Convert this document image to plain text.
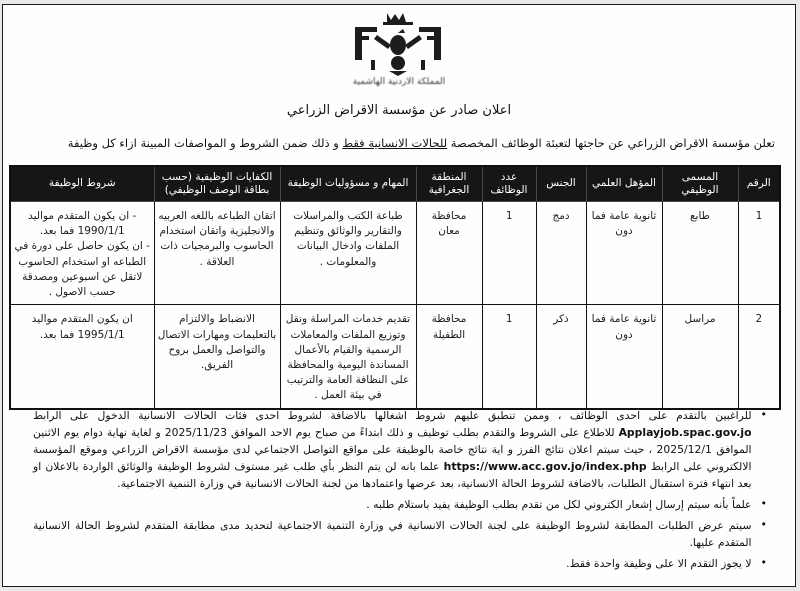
المملكة الاردنية الهاشمية
اعلان صادر عن مؤسسة الاقراض الزراعي
تعلن مؤسسة الاقراض الزراعي عن حاجتها لتعبئة الوظائف المخصصة للحالات الانسانية فقط و ذلك ضمن الشروط و المواصفات المبينة ازاء كل وظيفة
الرقم	المسمى الوظيفي	المؤهل العلمي	الجنس	عدد الوظائف	المنطقة الجغرافية	المهام و مسؤوليات الوظيفة	الكفايات الوظيفية (حسب بطاقة الوصف الوظيفي)	شروط الوظيفة
1	طابع	ثانوية عامة فما دون	دمج	1	محافظة معان	طباعة الكتب والمراسلات والتقارير والوثائق وتنظيم الملفات وادخال البيانات والمعلومات .	اتقان الطباعه باللغه العربيه والانجليزية واتقان استخدام الحاسوب والبرمجيات ذات العلاقة .	- ان يكون المتقدم مواليد 1990/1/1 فما بعد.
- ان يكون حاصل على دورة في الطباعه او استخدام الحاسوب لاتقل عن اسبوعين ومصدقة حسب الاصول .

2	مراسل	ثانوية عامة فما دون	ذكر	1	محافظة الطفيلة	تقديم خدمات المراسلة ونقل وتوزيع الملفات والمعاملات الرسمية والقيام بالأعمال المساندة اليومية والمحافظة على النظافة العامة والترتيب في بيئة العمل .	الانضباط والالتزام بالتعليمات ومهارات الاتصال والتواصل والعمل بروح الفريق.	ان يكون المتقدم مواليد 1995/1/1 فما بعد.
•

للراغبين بالتقدم على احدى الوظائف ، وممن تنطبق عليهم شروط اشغالها بالاضافة لشروط احدى فئات الحالات الانسانية الدخول على الرابط Applayjob.spac.gov.jo للاطلاع على الشروط والتقدم بطلب توظيف و ذلك ابتداءً من صباح يوم الاحد الموافق 2025/11/23 و لغاية نهاية دوام يوم الاثنين الموافق 2025/12/1 ، حيث سيتم اعلان نتائج الفرز و اية نتائج خاصة بالوظيفة على مواقع التواصل الاجتماعي لدى مؤسسة الاقراض الزراعي وموقع المؤسسة الالكتروني على الرابط https://www.acc.gov.jo/index.php علما بانه لن يتم النظر بأي طلب غير مستوف لشروط الوظيفة والوثائق الواردة بالاعلان او بعد انتهاء فترة استقبال الطلبات، بالاضافة لشروط الحالة الانسانية، بعد عرضها واعتمادها من لجنة الحالات الانسانية في وزارة التنمية الاجتماعية.

•

علماً بأنه سيتم إرسال إشعار الكتروني لكل من تقدم بطلب الوظيفة يفيد باستلام طلبه .

•

سيتم عرض الطلبات المطابقة لشروط الوظيفة على لجنة الحالات الانسانية في وزارة التنمية الاجتماعية لتحديد مدى مطابقة المتقدم لشروط الحالة الانسانية المتقدم عليها.

•

لا يجوز التقدم الا على وظيفة واحدة فقط.
